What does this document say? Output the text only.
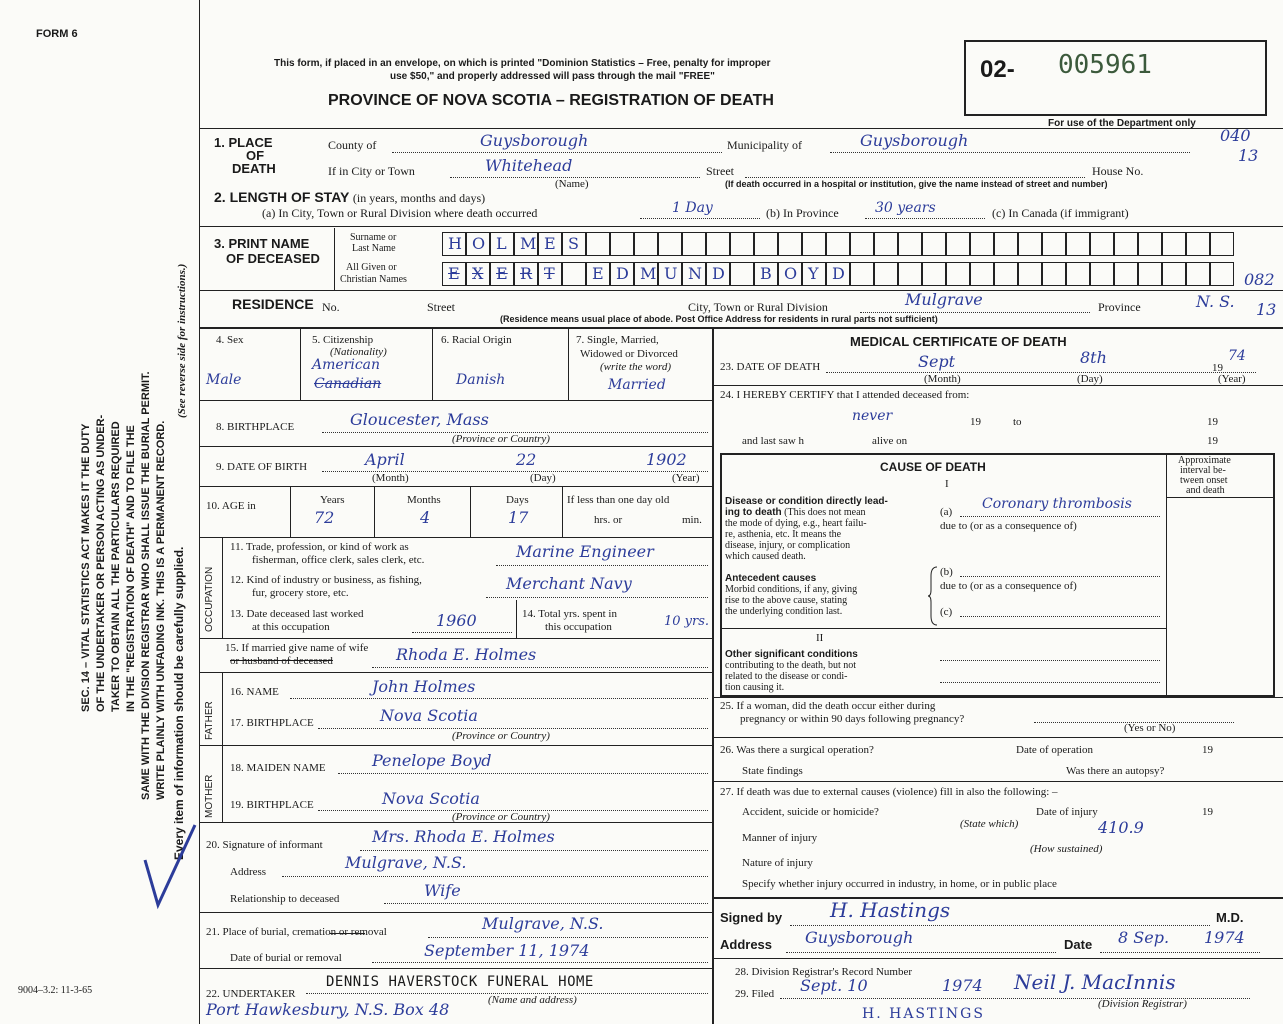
FORM 6
This form, if placed in an envelope, on which is printed "Dominion Statistics – Free, penalty for improper
use $50," and properly addressed will pass through the mail "FREE"
PROVINCE OF NOVA SCOTIA – REGISTRATION OF DEATH
02- 005961
For use of the Department only
SEC. 14 – VITAL STATISTICS ACT MAKES IT THE DUTY OF THE UNDERTAKER OR PERSON ACTING AS UNDER- TAKER TO OBTAIN ALL THE PARTICULARS REQUIRED IN THE "REGISTRATION OF DEATH" AND TO FILE THE SAME WITH THE DIVISION REGISTRAR WHO SHALL ISSUE THE BURIAL PERMIT. WRITE PLAINLY WITH UNFADING INK. THIS IS A PERMANENT RECORD. Every item of information should be carefully supplied.
(See reverse side for instructions.)
1. PLACE
OF
DEATH
County of	Guysborough	Municipality of	Guysborough
If in City or Town	Whitehead
(Name)
Street	House No.
(If death occurred in a hospital or institution, give the name instead of street and number)
040
13
2. LENGTH OF STAY (in years, months and days)
(a) In City, Town or Rural Division where death occurred	1 Day	(b) In Province	30 years	(c) In Canada (if immigrant)
3. PRINT NAME
OF DECEASED
Surname or
Last Name
All Given or
Christian Names
H O L M E S
E X E R T E D M U N D B O Y D
RESIDENCE No.	Street	City, Town or Rural Division	Mulgrave	Province	N. S.
082
13
(Residence means usual place of abode. Post Office Address for residents in rural parts not sufficient)
4. Sex
Male
5. Citizenship
(Nationality)
American
Canadian
6. Racial Origin
Danish
7. Single, Married,
Widowed or Divorced
(write the word)
Married
8. BIRTHPLACE	Gloucester, Mass
(Province or Country)
9. DATE OF BIRTH	April	22	1902
(Month)	(Day)	(Year)
10. AGE in	Years
72
Months
4
Days
17
If less than one day old
hrs. or	min.
OCCUPATION
11. Trade, profession, or kind of work as
fisherman, office clerk, sales clerk, etc.	Marine Engineer
12. Kind of industry or business, as fishing,
fur, grocery store, etc.	Merchant Navy
13. Date deceased last worked
at this occupation	1960	14. Total yrs. spent in
this occupation	10 yrs.
15. If married give name of wife
or husband of deceased	Rhoda E. Holmes
FATHER
16. NAME	John Holmes
17. BIRTHPLACE	Nova Scotia
(Province or Country)
MOTHER
18. MAIDEN NAME	Penelope Boyd
19. BIRTHPLACE	Nova Scotia
(Province or Country)
20. Signature of informant	Mrs. Rhoda E. Holmes
Address	Mulgrave, N.S.
Relationship to deceased	Wife
21. Place of burial, cremation or removal	Mulgrave, N.S.
Date of burial or removal	September 11, 1974
22. UNDERTAKER
DENNIS HAVERSTOCK FUNERAL HOME
(Name and address)
Port Hawkesbury, N.S. Box 48
9004–3.2: 11-3-65
MEDICAL CERTIFICATE OF DEATH
23. DATE OF DEATH	Sept	8th
19
74
(Month)	(Day)	(Year)
24. I HEREBY CERTIFY that I attended deceased from:
never	19	to	19
and last saw h	alive on	19
CAUSE OF DEATH
I
Approximate
interval be-
tween onset
and death
Disease or condition directly lead-
ing to death (This does not mean
the mode of dying, e.g., heart failu-
re, asthenia, etc. It means the
disease, injury, or complication
which caused death.
(a) Coronary thrombosis
due to (or as a consequence of)
Antecedent causes
Morbid conditions, if any, giving
rise to the above cause, stating
the underlying condition last.
(b)
due to (or as a consequence of)
(c)
II
Other significant conditions
contributing to the death, but not
related to the disease or condi-
tion causing it.
25. If a woman, did the death occur either during
pregnancy or within 90 days following pregnancy?
(Yes or No)
26. Was there a surgical operation?	Date of operation	19
State findings	Was there an autopsy?
27. If death was due to external causes (violence) fill in also the following: –
Accident, suicide or homicide?	Date of injury	19
(State which)
Manner of injury
410.9
(How sustained)
Nature of injury
Specify whether injury occurred in industry, in home, or in public place
Signed by H. Hastings	M.D.
Address Guysborough	Date 8 Sep. 1974
28. Division Registrar's Record Number
29. Filed Sept. 10	1974 Neil J. MacInnis
(Division Registrar)
H. HASTINGS
